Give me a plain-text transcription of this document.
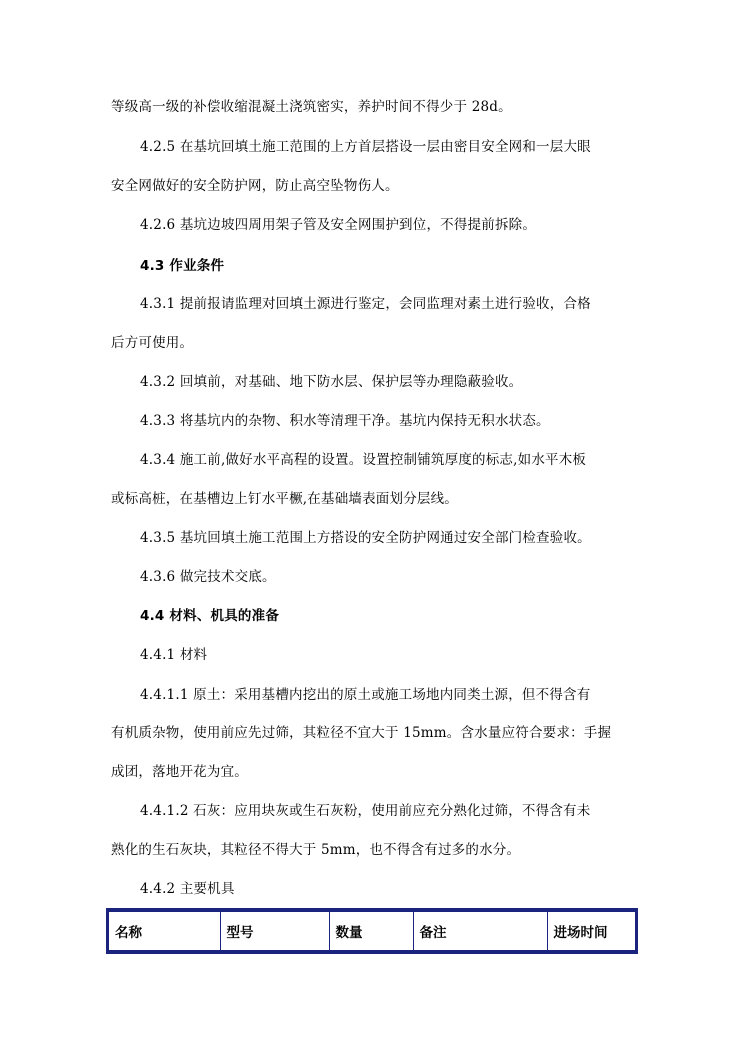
等级高一级的补偿收缩混凝土浇筑密实，养护时间不得少于 28d。
4.2.5 在基坑回填土施工范围的上方首层搭设一层由密目安全网和一层大眼
安全网做好的安全防护网，防止高空坠物伤人。
4.2.6 基坑边坡四周用架子管及安全网围护到位，不得提前拆除。
4.3 作业条件
4.3.1 提前报请监理对回填土源进行鉴定，会同监理对素土进行验收，合格
后方可使用。
4.3.2 回填前，对基础、地下防水层、保护层等办理隐蔽验收。
4.3.3 将基坑内的杂物、积水等清理干净。基坑内保持无积水状态。
4.3.4 施工前,做好水平高程的设置。设置控制铺筑厚度的标志,如水平木板
或标高桩，在基槽边上钉水平橛,在基础墙表面划分层线。
4.3.5 基坑回填土施工范围上方搭设的安全防护网通过安全部门检查验收。
4.3.6 做完技术交底。
4.4 材料、机具的准备
4.4.1 材料
4.4.1.1 原土：采用基槽内挖出的原土或施工场地内同类土源，但不得含有
有机质杂物，使用前应先过筛，其粒径不宜大于 15mm。含水量应符合要求：手握
成团，落地开花为宜。
4.4.1.2 石灰：应用块灰或生石灰粉，使用前应充分熟化过筛，不得含有未
熟化的生石灰块，其粒径不得大于 5mm，也不得含有过多的水分。
4.4.2 主要机具
名称	型号	数量	备注	进场时间
